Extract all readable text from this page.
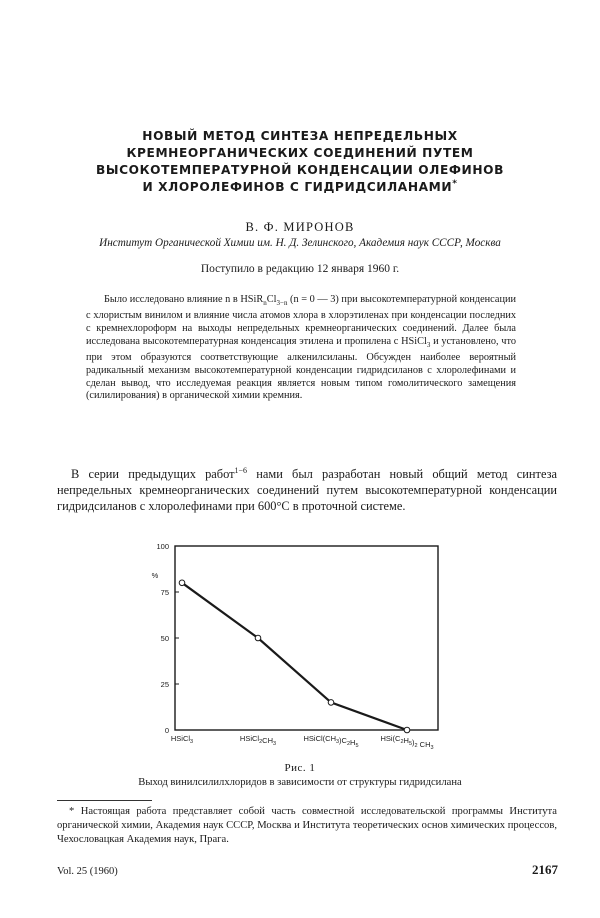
НОВЫЙ МЕТОД СИНТЕЗА НЕПРЕДЕЛЬНЫХ
КРЕМНЕОРГАНИЧЕСКИХ СОЕДИНЕНИЙ ПУТЕМ
ВЫСОКОТЕМПЕРАТУРНОЙ КОНДЕНСАЦИИ ОЛЕФИНОВ
И ХЛОРОЛЕФИНОВ С ГИДРИДСИЛАНАМИ*
В. Ф. МИРОНОВ
Институт Органической Химии им. Н. Д. Зелинского, Академия наук СССР, Москва
Поступило в редакцию 12 января 1960 г.

Было исследовано влияние n в $HSiR_nCl_{3-n}$ (n = 0 — 3) при высокотемпературной конденсации с хлористым винилом и влияние числа атомов хлора в хлорэтиленах при конденсации последних с кремнехлороформ на выходы непредельных кремнеорганических соединений. Далее была исследована высокотемпературная конденсация этилена и пропилена с HSiCl$_3$ и установлено, что при этом образуются соответствующие алкенилсиланы. Обсужден наиболее вероятный радикальный механизм высокотемпературной конденсации гидридсиланов с хлоролефинами и сделан вывод, что исследуемая реакция является новым типом гомолитического замещения (силилирования) в органической химии кремния.

В серии предыдущих работ$^{1-6}$ нами был разработан новый общий метод синтеза непредельных кремнеорганических соединений путем высокотемпературной конденсации гидридсиланов с хлоролефинами при 600°С в проточной системе.

0
25
50
75
100
%
HSiCl$_3$	$HSiCl_2CH_3$
$HSiCl(CH_3)C_2H_5$
$HSi(C_2H_5)_2$ $CH_3$
Рис. 1
Выход винилсилилхлоридов в зависимости от структуры гидридсилана

* Настоящая работа представляет собой часть совместной исследовательской программы Института органической химии, Академия наук СССР, Москва и Института теоретических основ химических процессов, Чехословацкая Академия наук, Прага.

Vol. 25 (1960)	2167
